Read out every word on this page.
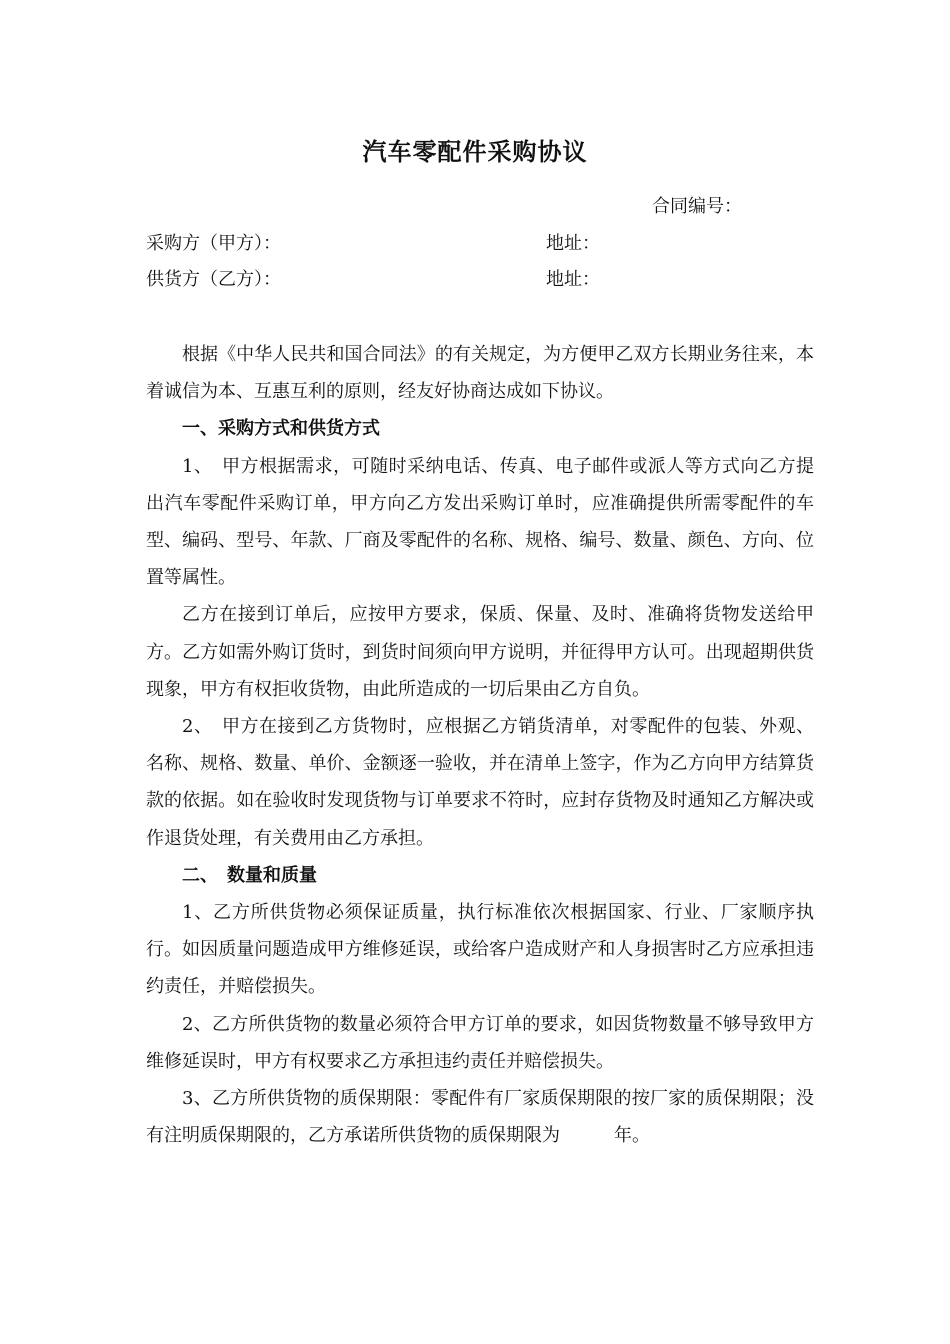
汽车零配件采购协议
合同编号：
采购方（甲方）：	地址：
供货方（乙方）：	地址：

根据《中华人民共和国合同法》的有关规定，为方便甲乙双方长期业务往来，本着诚信为本、互惠互利的原则，经友好协商达成如下协议。

一、采购方式和供货方式

1、　甲方根据需求，可随时采纳电话、传真、电子邮件或派人等方式向乙方提出汽车零配件采购订单，甲方向乙方发出采购订单时，应准确提供所需零配件的车型、编码、型号、年款、厂商及零配件的名称、规格、编号、数量、颜色、方向、位置等属性。

乙方在接到订单后，应按甲方要求，保质、保量、及时、准确将货物发送给甲方。乙方如需外购订货时，到货时间须向甲方说明，并征得甲方认可。出现超期供货现象，甲方有权拒收货物，由此所造成的一切后果由乙方自负。

2、　甲方在接到乙方货物时，应根据乙方销货清单，对零配件的包装、外观、名称、规格、数量、单价、金额逐一验收，并在清单上签字，作为乙方向甲方结算货款的依据。如在验收时发现货物与订单要求不符时，应封存货物及时通知乙方解决或作退货处理，有关费用由乙方承担。

二、　数量和质量

1、乙方所供货物必须保证质量，执行标准依次根据国家、行业、厂家顺序执行。如因质量问题造成甲方维修延误，或给客户造成财产和人身损害时乙方应承担违约责任，并赔偿损失。

2、乙方所供货物的数量必须符合甲方订单的要求，如因货物数量不够导致甲方维修延误时，甲方有权要求乙方承担违约责任并赔偿损失。

3、乙方所供货物的质保期限：零配件有厂家质保期限的按厂家的质保期限；没有注明质保期限的，乙方承诺所供货物的质保期限为　　　年。
